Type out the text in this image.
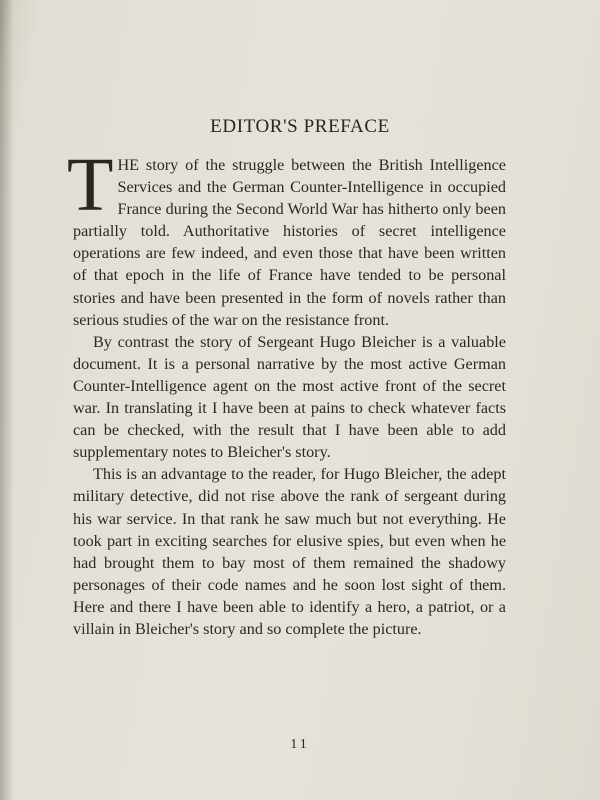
EDITOR'S PREFACE

THE story of the struggle between the British Intelligence Services and the German Counter-Intelligence in occupied France during the Second World War has hitherto only been partially told. Authoritative histories of secret intelligence operations are few indeed, and even those that have been written of that epoch in the life of France have tended to be personal stories and have been presented in the form of novels rather than serious studies of the war on the resistance front.

By contrast the story of Sergeant Hugo Bleicher is a valuable document. It is a personal narrative by the most active German Counter-Intelligence agent on the most active front of the secret war. In translating it I have been at pains to check whatever facts can be checked, with the result that I have been able to add supplementary notes to Bleicher's story.

This is an advantage to the reader, for Hugo Bleicher, the adept military detective, did not rise above the rank of sergeant during his war service. In that rank he saw much but not everything. He took part in exciting searches for elusive spies, but even when he had brought them to bay most of them remained the shadowy personages of their code names and he soon lost sight of them. Here and there I have been able to identify a hero, a patriot, or a villain in Bleicher's story and so complete the picture.

11
